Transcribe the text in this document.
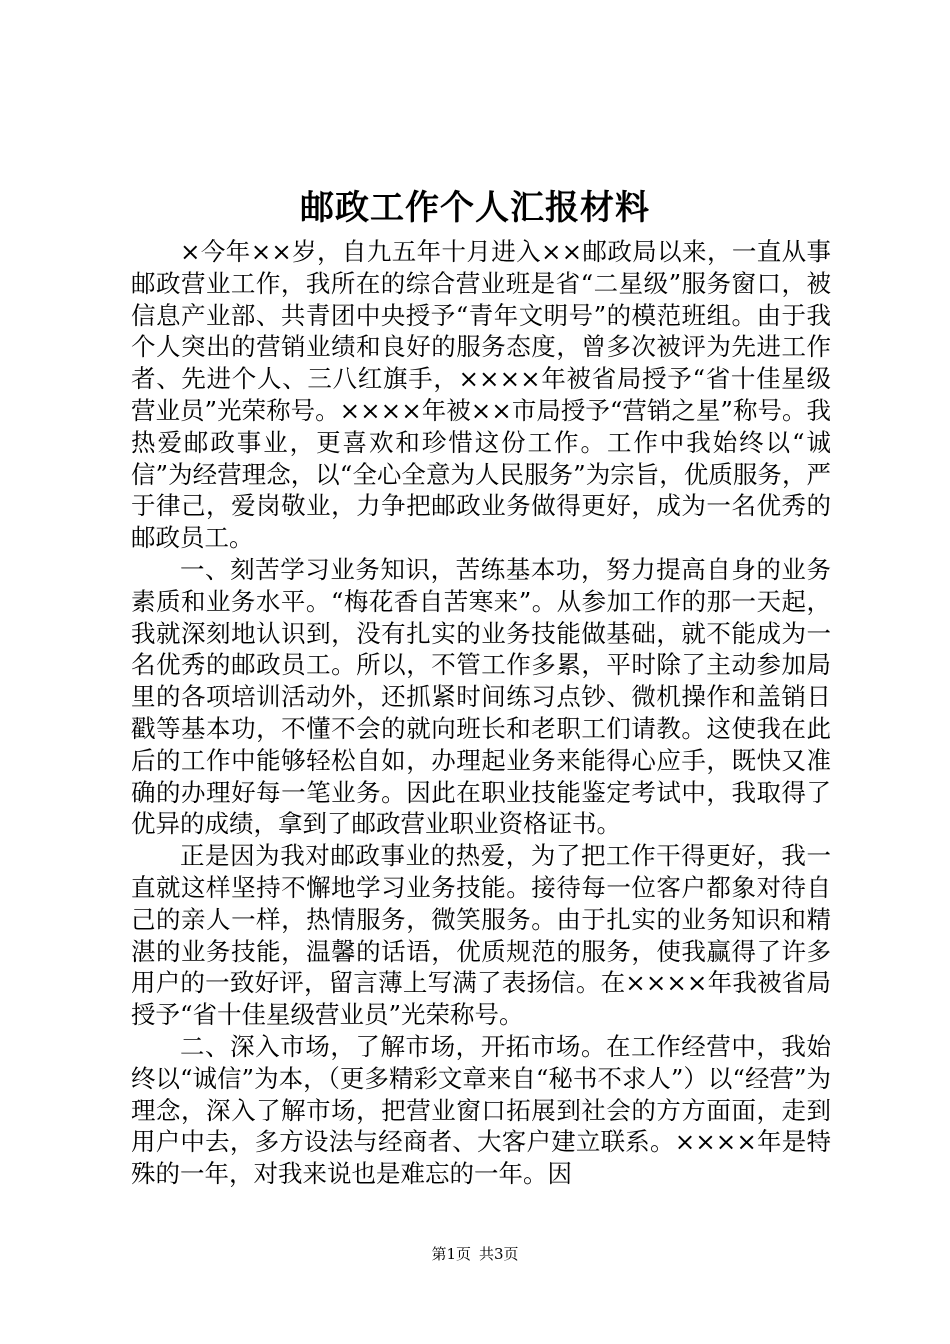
邮政工作个人汇报材料

×今年××岁，自九五年十月进入××邮政局以来，一直从事邮政营业工作，我所在的综合营业班是省“二星级”服务窗口，被信息产业部、共青团中央授予“青年文明号”的模范班组。由于我个人突出的营销业绩和良好的服务态度，曾多次被评为先进工作者、先进个人、三八红旗手，××××年被省局授予“省十佳星级营业员”光荣称号。××××年被××市局授予“营销之星”称号。我热爱邮政事业，更喜欢和珍惜这份工作。工作中我始终以“诚信”为经营理念，以“全心全意为人民服务”为宗旨，优质服务，严于律己，爱岗敬业，力争把邮政业务做得更好，成为一名优秀的邮政员工。

一、刻苦学习业务知识，苦练基本功，努力提高自身的业务素质和业务水平。“梅花香自苦寒来”。从参加工作的那一天起，我就深刻地认识到，没有扎实的业务技能做基础，就不能成为一名优秀的邮政员工。所以，不管工作多累，平时除了主动参加局里的各项培训活动外，还抓紧时间练习点钞、微机操作和盖销日戳等基本功，不懂不会的就向班长和老职工们请教。这使我在此后的工作中能够轻松自如，办理起业务来能得心应手，既快又准确的办理好每一笔业务。因此在职业技能鉴定考试中，我取得了优异的成绩，拿到了邮政营业职业资格证书。

正是因为我对邮政事业的热爱，为了把工作干得更好，我一直就这样坚持不懈地学习业务技能。接待每一位客户都象对待自己的亲人一样，热情服务，微笑服务。由于扎实的业务知识和精湛的业务技能，温馨的话语，优质规范的服务，使我赢得了许多用户的一致好评，留言薄上写满了表扬信。在××××年我被省局授予“省十佳星级营业员”光荣称号。

二、深入市场，了解市场，开拓市场。在工作经营中，我始终以“诚信”为本，（更多精彩文章来自“秘书不求人”）以“经营”为理念，深入了解市场，把营业窗口拓展到社会的方方面面，走到用户中去，多方设法与经商者、大客户建立联系。××××年是特殊的一年，对我来说也是难忘的一年。因

第1页 共3页
